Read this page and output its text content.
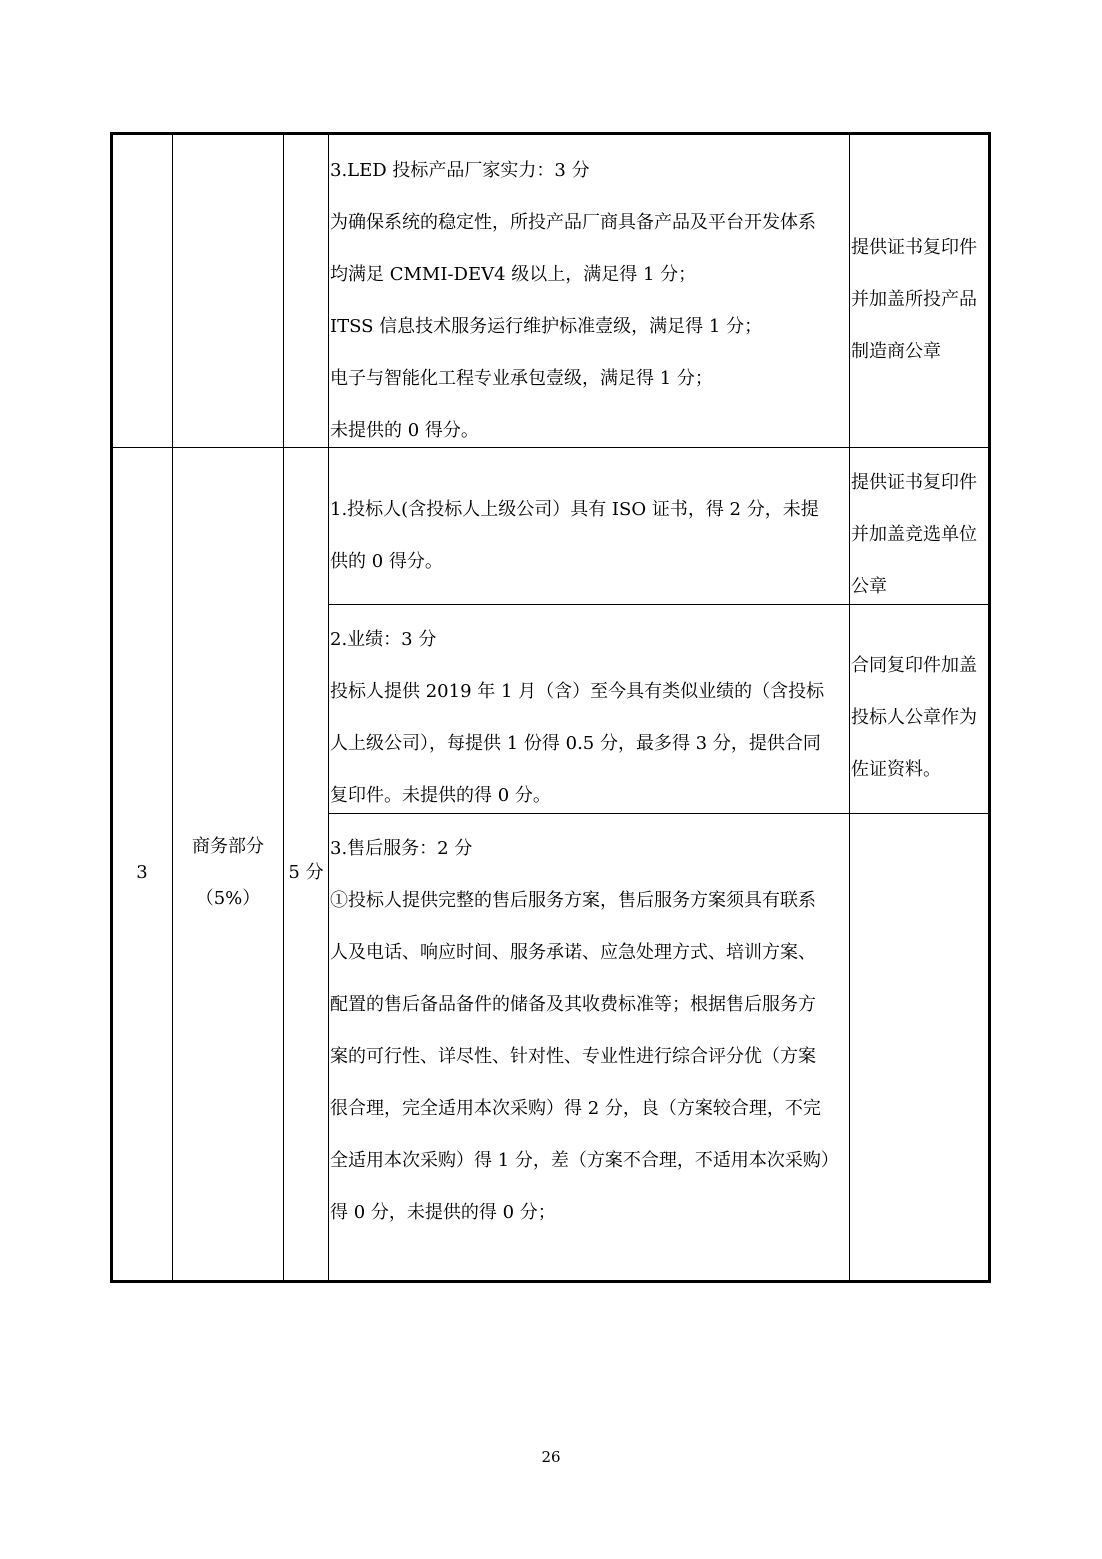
3.LED 投标产品厂家实力：3 分
为确保系统的稳定性，所投产品厂商具备产品及平台开发体系
均满足 CMMI-DEV4 级以上，满足得 1 分；
ITSS 信息技术服务运行维护标准壹级，满足得 1 分；
电子与智能化工程专业承包壹级，满足得 1 分；
未提供的 0 得分。
提供证书复印件
并加盖所投产品
制造商公章
3
商务部分
（5%）
5 分
1.投标人(含投标人上级公司）具有 ISO 证书，得 2 分，未提
供的 0 得分。
提供证书复印件
并加盖竞选单位
公章
2.业绩：3 分
投标人提供 2019 年 1 月（含）至今具有类似业绩的（含投标
人上级公司），每提供 1 份得 0.5 分，最多得 3 分，提供合同
复印件。未提供的得 0 分。
合同复印件加盖
投标人公章作为
佐证资料。
3.售后服务：2 分
①投标人提供完整的售后服务方案，售后服务方案须具有联系
人及电话、响应时间、服务承诺、应急处理方式、培训方案、
配置的售后备品备件的储备及其收费标准等；根据售后服务方
案的可行性、详尽性、针对性、专业性进行综合评分优（方案
很合理，完全适用本次采购）得 2 分，良（方案较合理，不完
全适用本次采购）得 1 分，差（方案不合理，不适用本次采购）
得 0 分，未提供的得 0 分；
26
